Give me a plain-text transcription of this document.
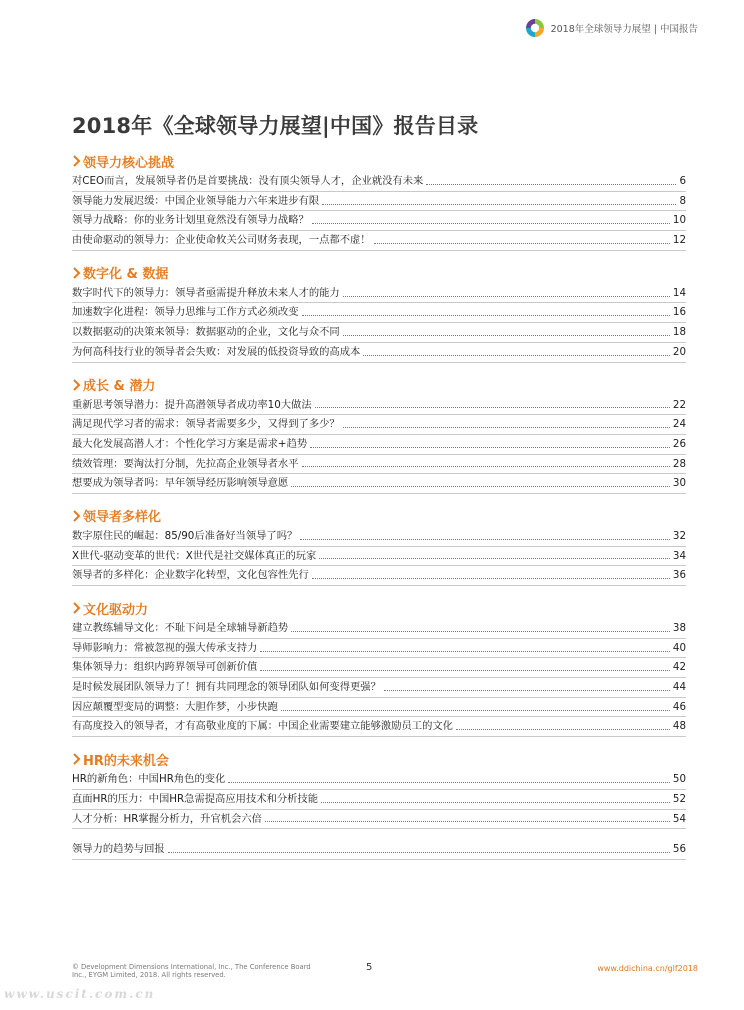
2018年全球领导力展望 | 中国报告
2018年《全球领导力展望|中国》报告目录
领导力核心挑战
对CEO而言，发展领导者仍是首要挑战：没有顶尖领导人才，企业就没有未来	6
领导能力发展迟缓：中国企业领导能力六年来进步有限	8
领导力战略：你的业务计划里竟然没有领导力战略？	10
由使命驱动的领导力：企业使命攸关公司财务表现，一点都不虚！	12
数字化 & 数据
数字时代下的领导力：领导者亟需提升释放未来人才的能力	14
加速数字化进程：领导力思维与工作方式必须改变	16
以数据驱动的决策来领导：数据驱动的企业，文化与众不同	18
为何高科技行业的领导者会失败：对发展的低投资导致的高成本	20
成长 & 潜力
重新思考领导潜力：提升高潜领导者成功率10大做法	22
满足现代学习者的需求：领导者需要多少，又得到了多少？	24
最大化发展高潜人才：个性化学习方案是需求+趋势	26
绩效管理：要淘汰打分制，先拉高企业领导者水平	28
想要成为领导者吗：早年领导经历影响领导意愿	30
领导者多样化
数字原住民的崛起：85/90后准备好当领导了吗？	32
X世代-驱动变革的世代：X世代是社交媒体真正的玩家	34
领导者的多样化：企业数字化转型，文化包容性先行	36
文化驱动力
建立教练辅导文化：不耻下问是全球辅导新趋势	38
导师影响力：常被忽视的强大传承支持力	40
集体领导力：组织内跨界领导可创新价值	42
是时候发展团队领导力了！拥有共同理念的领导团队如何变得更强？	44
因应颠覆型变局的调整：大胆作梦，小步快跑	46
有高度投入的领导者，才有高敬业度的下属：中国企业需要建立能够激励员工的文化	48
HR的未来机会
HR的新角色：中国HR角色的变化	50
直面HR的压力：中国HR急需提高应用技术和分析技能	52
人才分析：HR掌握分析力，升官机会六倍	54
领导力的趋势与回报	56
© Development Dimensions International, Inc., The Conference Board Inc., EYGM Limited, 2018. All rights reserved.
5	www.ddichina.cn/glf2018
www.uscit.com.cn
